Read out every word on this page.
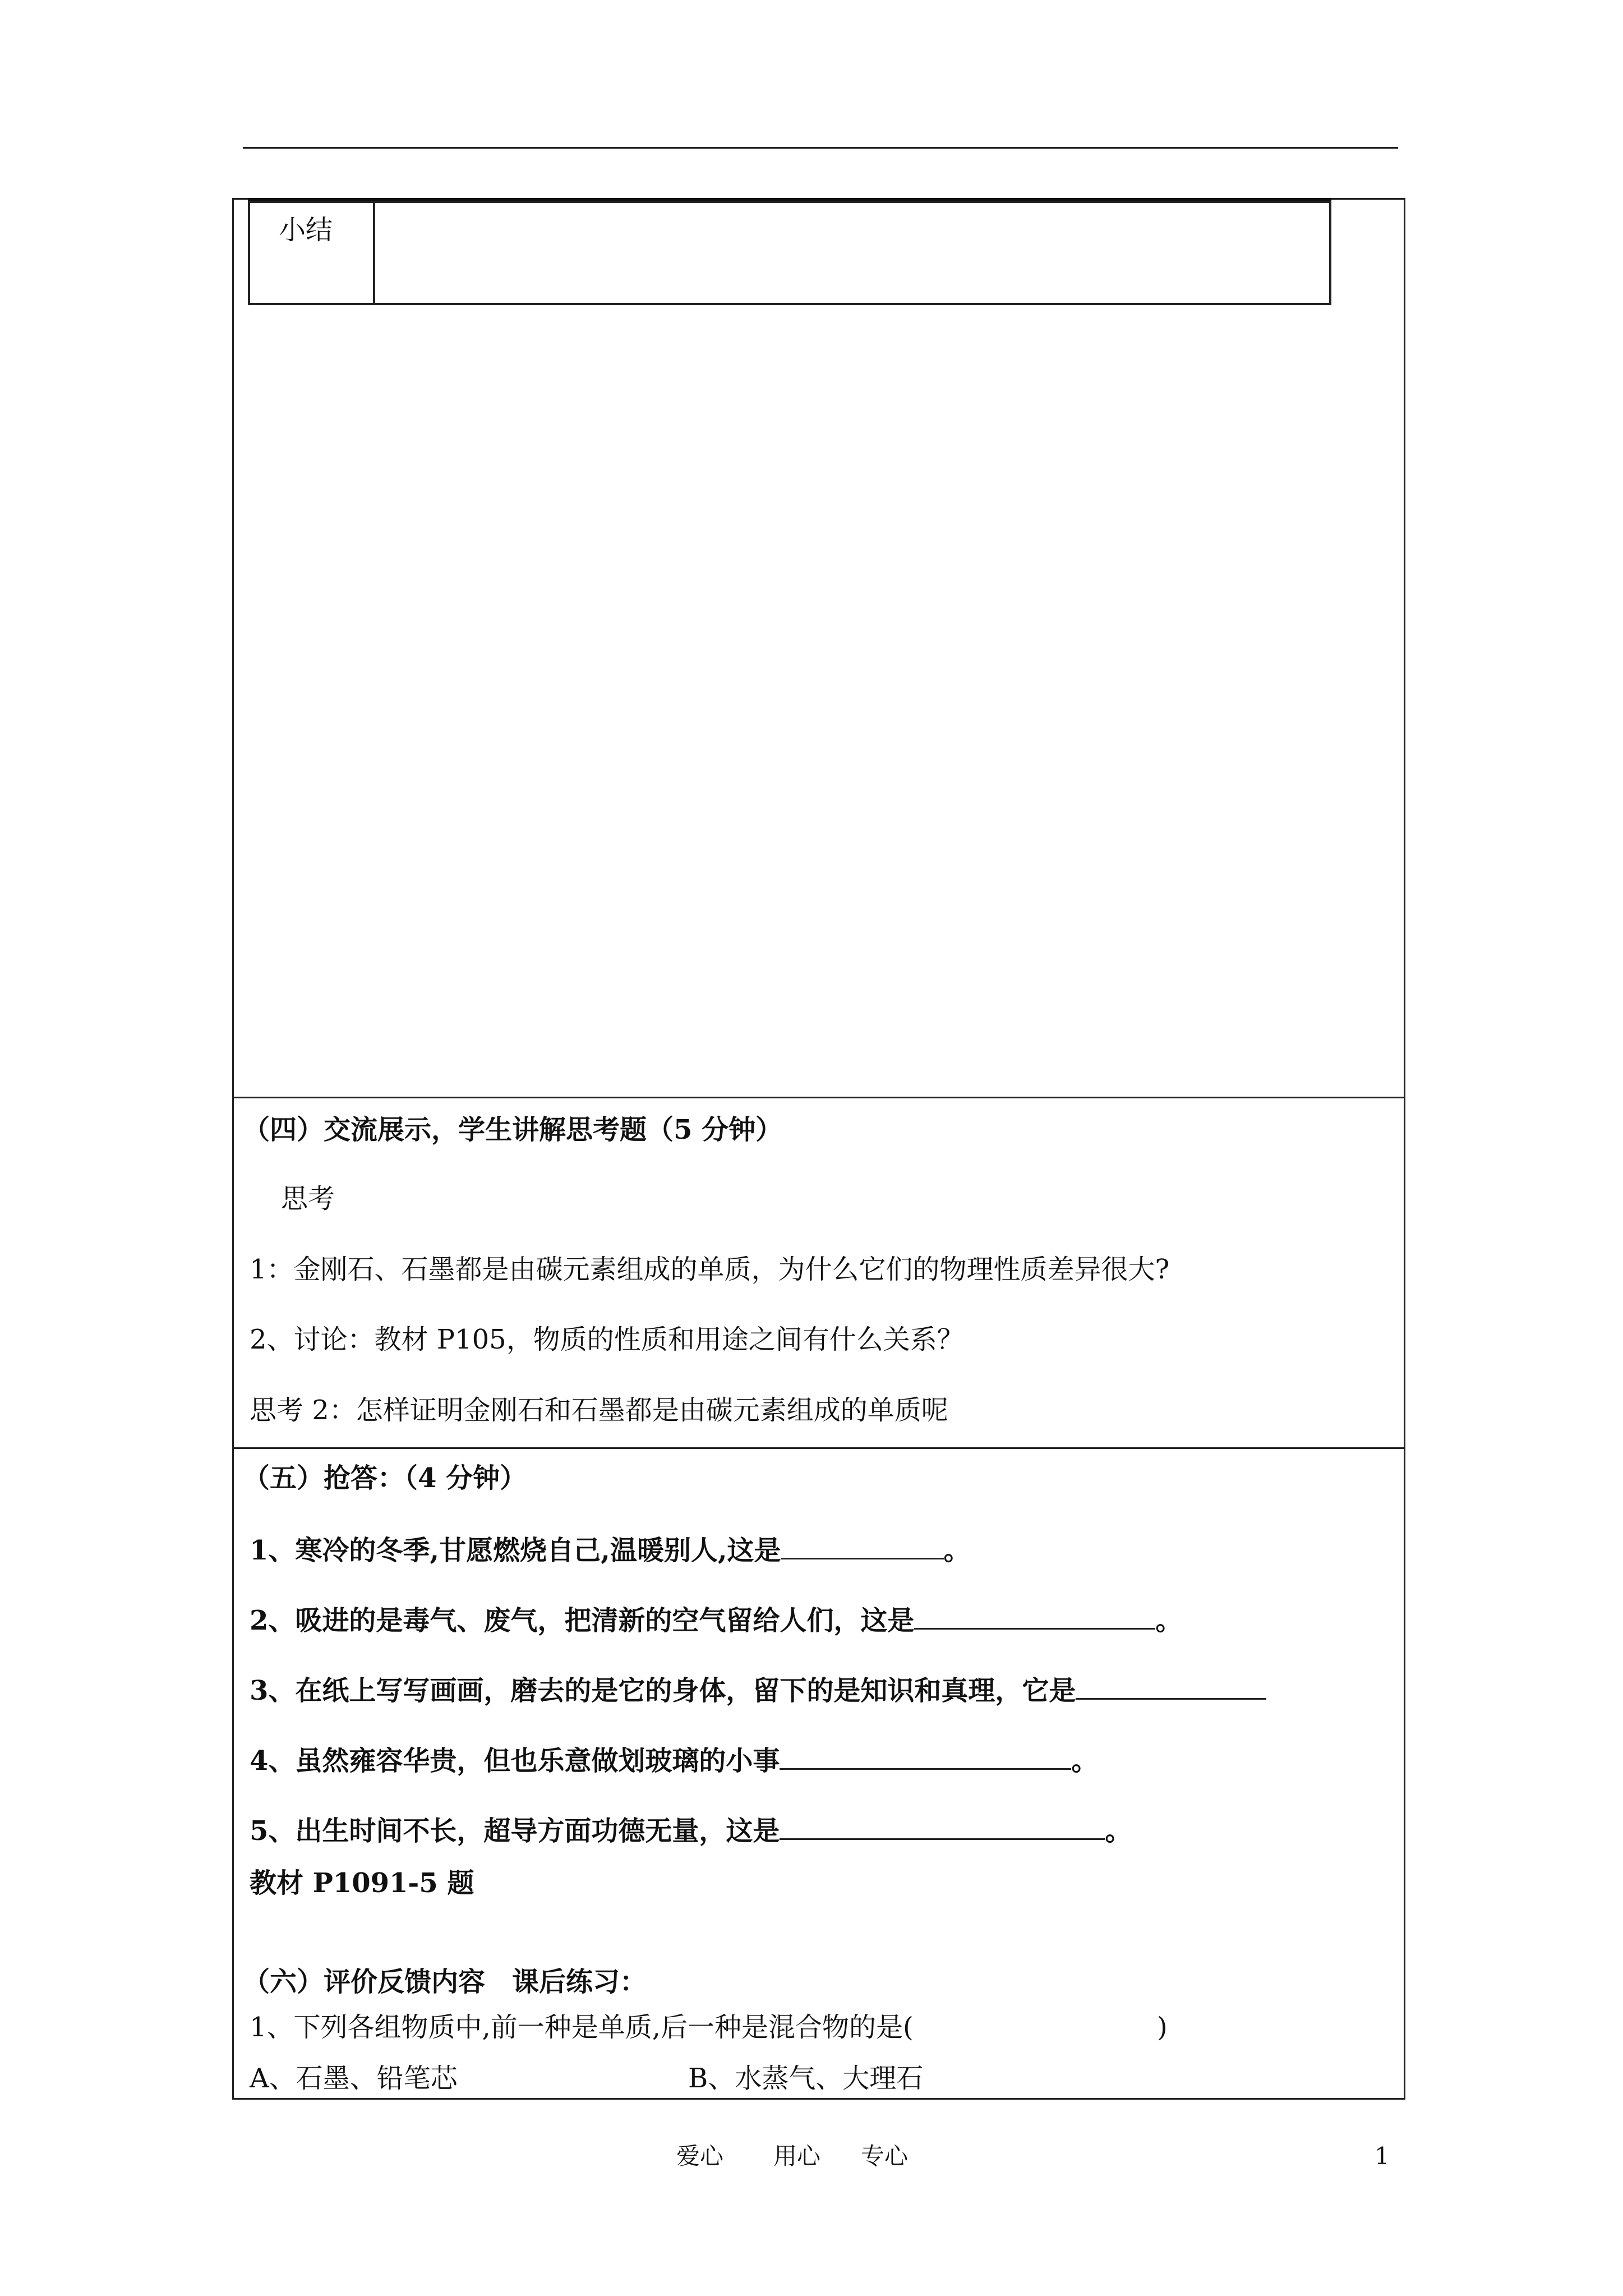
小结
（四）交流展示，学生讲解思考题（5 分钟）
思考
1：金刚石、石墨都是由碳元素组成的单质，为什么它们的物理性质差异很大?
2、讨论：教材 P105，物质的性质和用途之间有什么关系？
思考 2：怎样证明金刚石和石墨都是由碳元素组成的单质呢
（五）抢答：（4 分钟）
1、寒冷的冬季,甘愿燃烧自己,温暖别人,这是	。
2、吸进的是毒气、废气，把清新的空气留给人们，这是	。
3、在纸上写写画画，磨去的是它的身体，留下的是知识和真理，它是
4、虽然雍容华贵，但也乐意做划玻璃的小事	。
5、出生时间不长，超导方面功德无量，这是	。
教材 P1091-5 题
（六）评价反馈内容　课后练习：
1、下列各组物质中,前一种是单质,后一种是混合物的是(	)
A、石墨、铅笔芯	B、水蒸气、大理石
爱心 用心 专心	1
